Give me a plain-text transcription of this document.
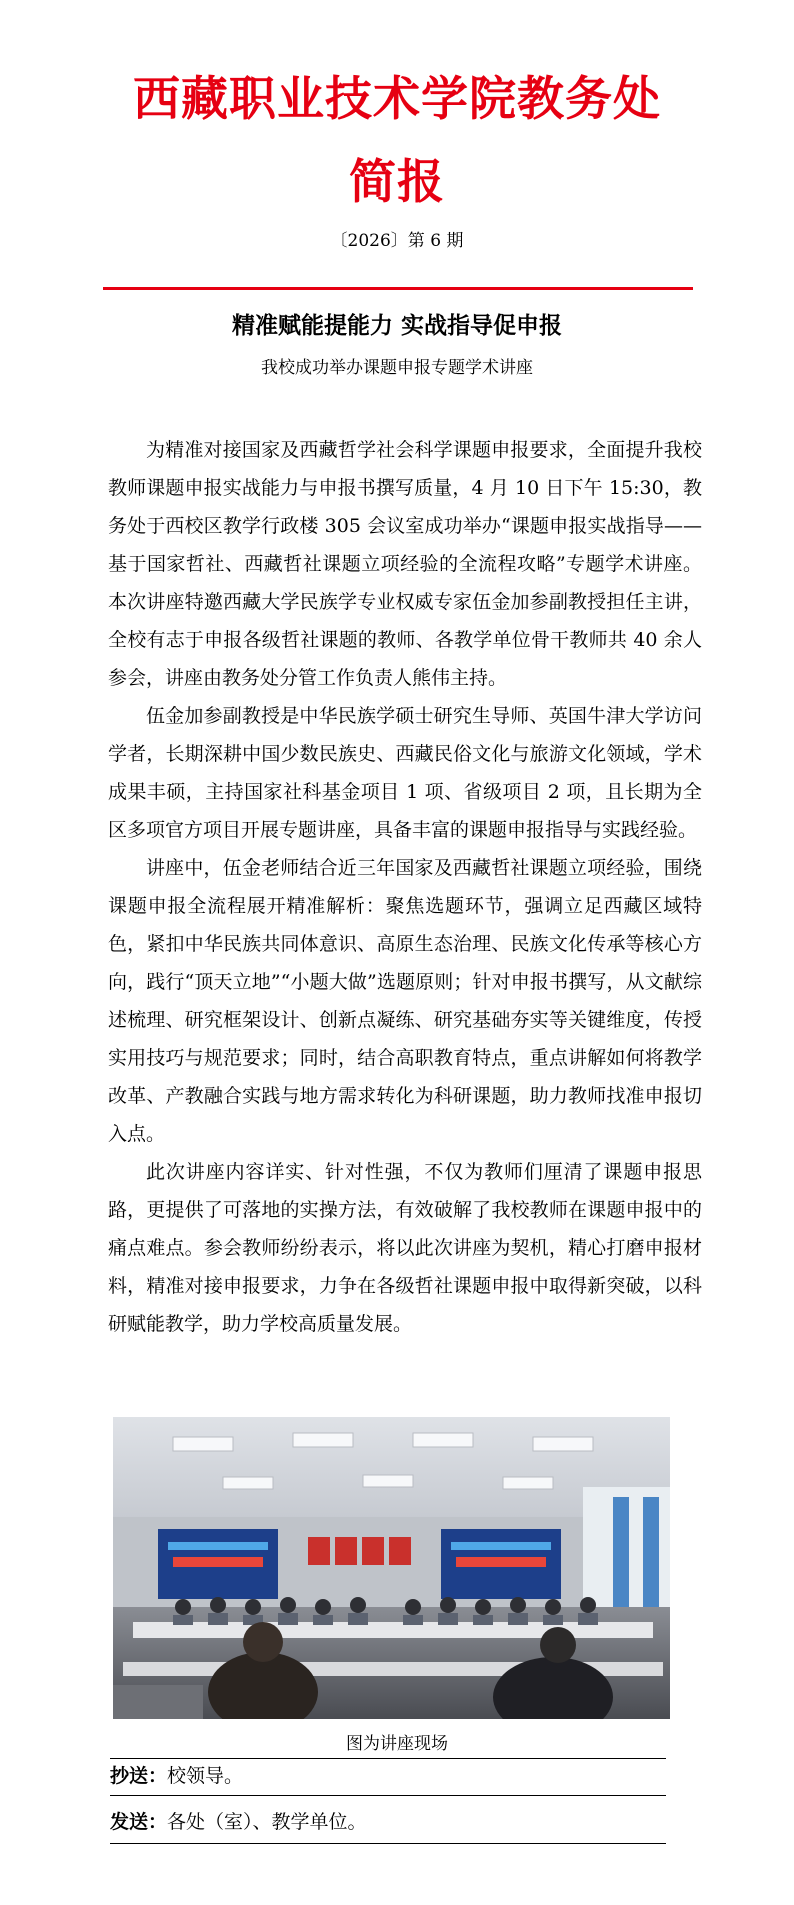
西藏职业技术学院教务处
简报
〔2026〕第 6 期
精准赋能提能力 实战指导促申报
我校成功举办课题申报专题学术讲座

为精准对接国家及西藏哲学社会科学课题申报要求，全面提升我校教师课题申报实战能力与申报书撰写质量，4 月 10 日下午 15:30，教务处于西校区教学行政楼 305 会议室成功举办“课题申报实战指导——基于国家哲社、西藏哲社课题立项经验的全流程攻略”专题学术讲座。本次讲座特邀西藏大学民族学专业权威专家伍金加参副教授担任主讲，全校有志于申报各级哲社课题的教师、各教学单位骨干教师共 40 余人参会，讲座由教务处分管工作负责人熊伟主持。

伍金加参副教授是中华民族学硕士研究生导师、英国牛津大学访问学者，长期深耕中国少数民族史、西藏民俗文化与旅游文化领域，学术成果丰硕，主持国家社科基金项目 1 项、省级项目 2 项，且长期为全区多项官方项目开展专题讲座，具备丰富的课题申报指导与实践经验。

讲座中，伍金老师结合近三年国家及西藏哲社课题立项经验，围绕课题申报全流程展开精准解析：聚焦选题环节，强调立足西藏区域特色，紧扣中华民族共同体意识、高原生态治理、民族文化传承等核心方向，践行“顶天立地”“小题大做”选题原则；针对申报书撰写，从文献综述梳理、研究框架设计、创新点凝练、研究基础夯实等关键维度，传授实用技巧与规范要求；同时，结合高职教育特点，重点讲解如何将教学改革、产教融合实践与地方需求转化为科研课题，助力教师找准申报切入点。

此次讲座内容详实、针对性强，不仅为教师们厘清了课题申报思路，更提供了可落地的实操方法，有效破解了我校教师在课题申报中的痛点难点。参会教师纷纷表示，将以此次讲座为契机，精心打磨申报材料，精准对接申报要求，力争在各级哲社课题申报中取得新突破，以科研赋能教学，助力学校高质量发展。

图为讲座现场
抄送：校领导。
发送：各处（室）、教学单位。
